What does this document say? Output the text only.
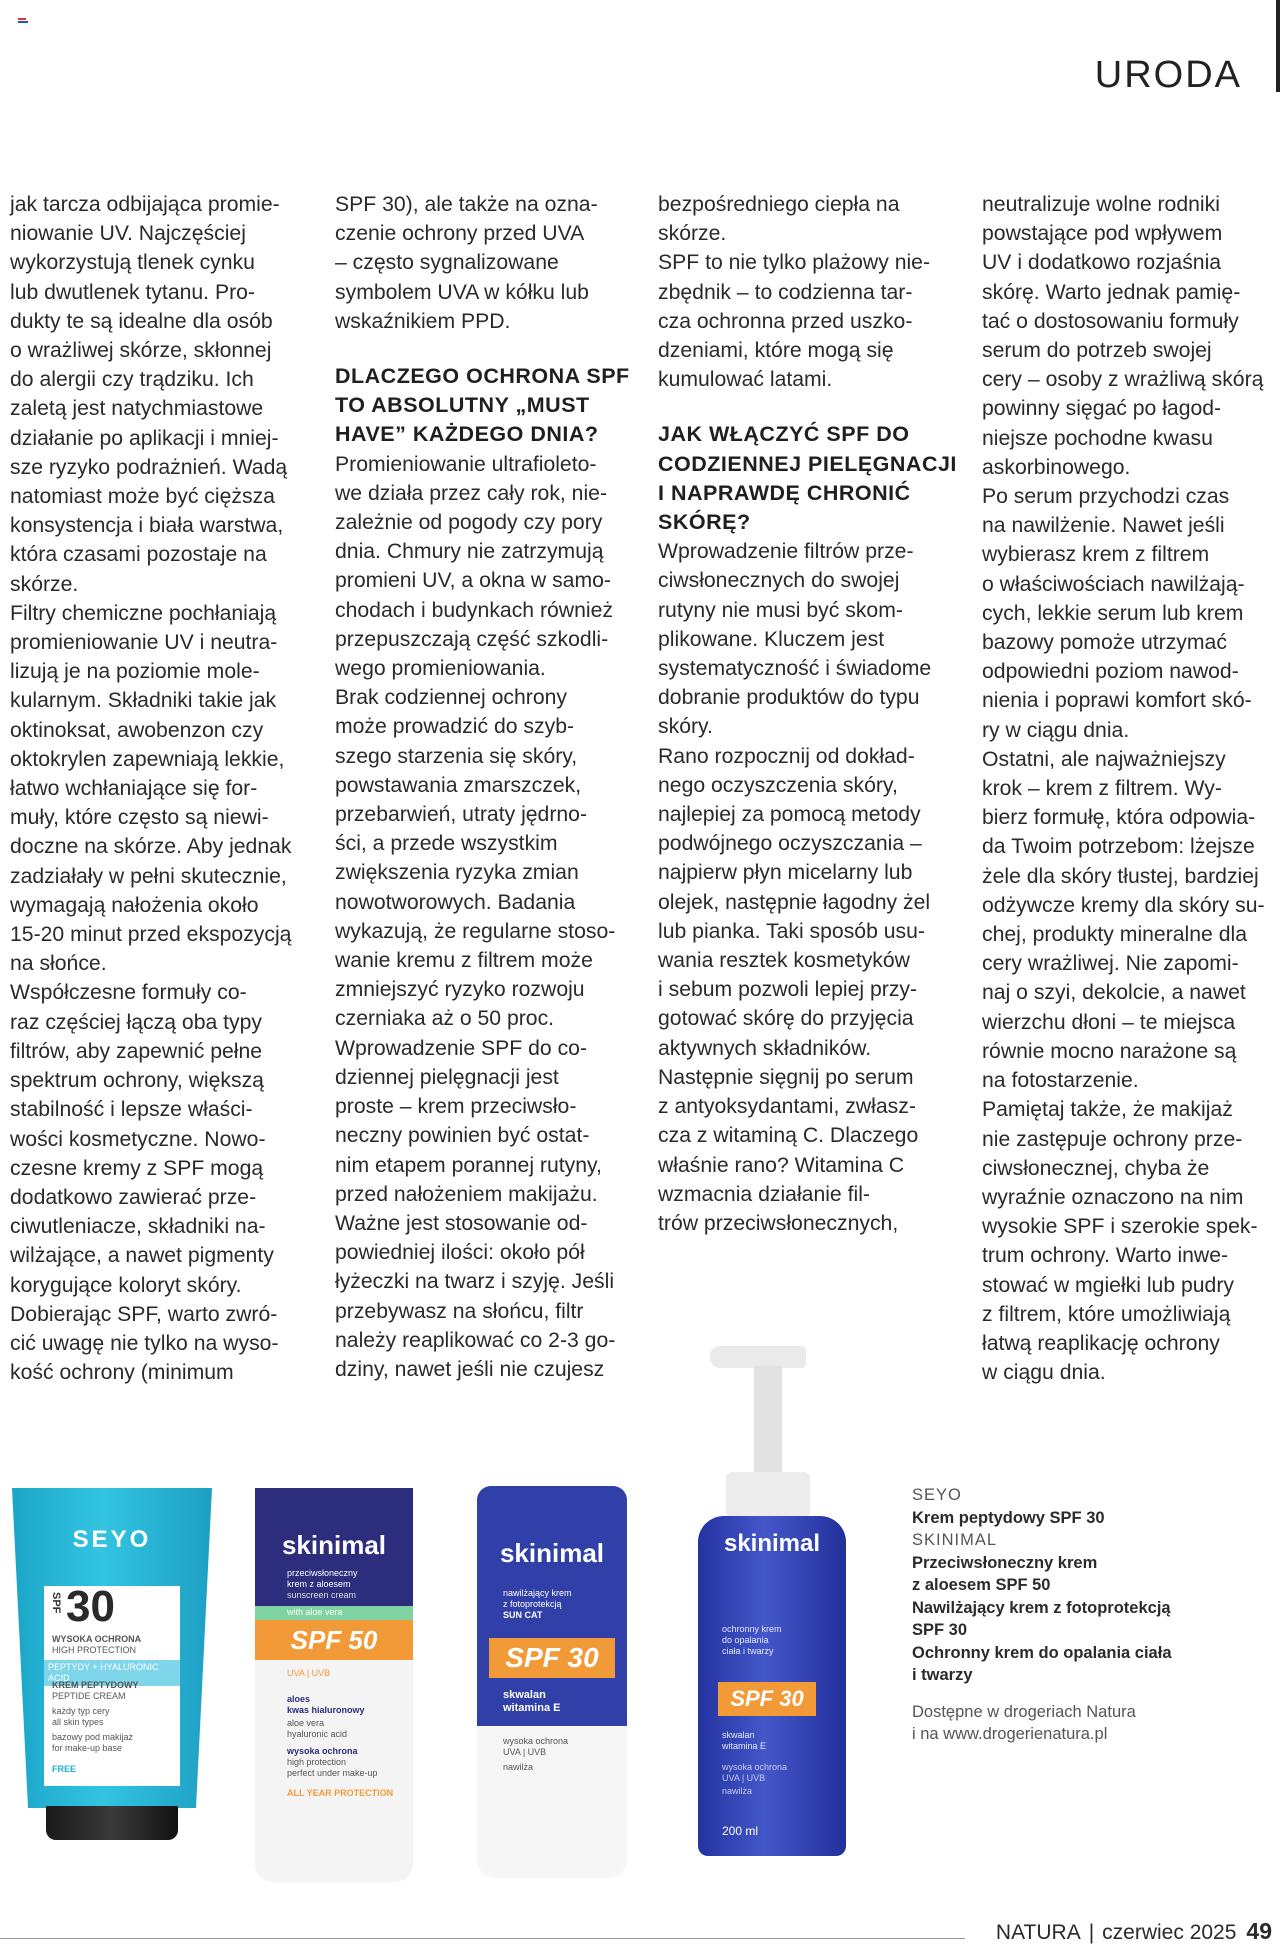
URODA

jak tarcza odbijająca promie-
niowanie UV. Najczęściej
wykorzystują tlenek cynku
lub dwutlenek tytanu. Pro-
dukty te są idealne dla osób
o wrażliwej skórze, skłonnej
do alergii czy trądziku. Ich
zaletą jest natychmiastowe
działanie po aplikacji i mniej-
sze ryzyko podrażnień. Wadą
natomiast może być cięższa
konsystencja i biała warstwa,
która czasami pozostaje na
skórze.

Filtry chemiczne pochłaniają
promieniowanie UV i neutra-
lizują je na poziomie mole-
kularnym. Składniki takie jak
oktinoksat, awobenzon czy
oktokrylen zapewniają lekkie,
łatwo wchłaniające się for-
muły, które często są niewi-
doczne na skórze. Aby jednak
zadziałały w pełni skutecznie,
wymagają nałożenia około
15-20 minut przed ekspozycją
na słońce.

Współczesne formuły co-
raz częściej łączą oba typy
filtrów, aby zapewnić pełne
spektrum ochrony, większą
stabilność i lepsze właści-
wości kosmetyczne. Nowo-
czesne kremy z SPF mogą
dodatkowo zawierać prze-
ciwutleniacze, składniki na-
wilżające, a nawet pigmenty
korygujące koloryt skóry.

Dobierając SPF, warto zwró-
cić uwagę nie tylko na wyso-
kość ochrony (minimum

SPF 30), ale także na ozna-
czenie ochrony przed UVA
– często sygnalizowane
symbolem UVA w kółku lub
wskaźnikiem PPD.

DLACZEGO OCHRONA SPF
TO ABSOLUTNY „MUST
HAVE” KAŻDEGO DNIA?

Promieniowanie ultrafioleto-
we działa przez cały rok, nie-
zależnie od pogody czy pory
dnia. Chmury nie zatrzymują
promieni UV, a okna w samo-
chodach i budynkach również
przepuszczają część szkodli-
wego promieniowania.

Brak codziennej ochrony
może prowadzić do szyb-
szego starzenia się skóry,
powstawania zmarszczek,
przebarwień, utraty jędrno-
ści, a przede wszystkim
zwiększenia ryzyka zmian
nowotworowych. Badania
wykazują, że regularne stoso-
wanie kremu z filtrem może
zmniejszyć ryzyko rozwoju
czerniaka aż o 50 proc.

Wprowadzenie SPF do co-
dziennej pielęgnacji jest
proste – krem przeciwsło-
neczny powinien być ostat-
nim etapem porannej rutyny,
przed nałożeniem makijażu.
Ważne jest stosowanie od-
powiedniej ilości: około pół
łyżeczki na twarz i szyję. Jeśli
przebywasz na słońcu, filtr
należy reaplikować co 2-3 go-
dziny, nawet jeśli nie czujesz

bezpośredniego ciepła na
skórze.

SPF to nie tylko plażowy nie-
zbędnik – to codzienna tar-
cza ochronna przed uszko-
dzeniami, które mogą się
kumulować latami.

JAK WŁĄCZYĆ SPF DO
CODZIENNEJ PIELĘGNACJI
I NAPRAWDĘ CHRONIĆ
SKÓRĘ?

Wprowadzenie filtrów prze-
ciwsłonecznych do swojej
rutyny nie musi być skom-
plikowane. Kluczem jest
systematyczność i świadome
dobranie produktów do typu
skóry.

Rano rozpocznij od dokład-
nego oczyszczenia skóry,
najlepiej za pomocą metody
podwójnego oczyszczania –
najpierw płyn micelarny lub
olejek, następnie łagodny żel
lub pianka. Taki sposób usu-
wania resztek kosmetyków
i sebum pozwoli lepiej przy-
gotować skórę do przyjęcia
aktywnych składników.

Następnie sięgnij po serum
z antyoksydantami, zwłasz-
cza z witaminą C. Dlaczego
właśnie rano? Witamina C
wzmacnia działanie fil-
trów przeciwsłonecznych,

neutralizuje wolne rodniki
powstające pod wpływem
UV i dodatkowo rozjaśnia
skórę. Warto jednak pamię-
tać o dostosowaniu formuły
serum do potrzeb swojej
cery – osoby z wrażliwą skórą
powinny sięgać po łagod-
niejsze pochodne kwasu
askorbinowego.

Po serum przychodzi czas
na nawilżenie. Nawet jeśli
wybierasz krem z filtrem
o właściwościach nawilżają-
cych, lekkie serum lub krem
bazowy pomoże utrzymać
odpowiedni poziom nawod-
nienia i poprawi komfort skó-
ry w ciągu dnia.

Ostatni, ale najważniejszy
krok – krem z filtrem. Wy-
bierz formułę, która odpowia-
da Twoim potrzebom: lżejsze
żele dla skóry tłustej, bardziej
odżywcze kremy dla skóry su-
chej, produkty mineralne dla
cery wrażliwej. Nie zapomi-
naj o szyi, dekolcie, a nawet
wierzchu dłoni – te miejsca
równie mocno narażone są
na fotostarzenie.

Pamiętaj także, że makijaż
nie zastępuje ochrony prze-
ciwsłonecznej, chyba że
wyraźnie oznaczono na nim
wysokie SPF i szerokie spek-
trum ochrony. Warto inwe-
stować w mgiełki lub pudry
z filtrem, które umożliwiają
łatwą reaplikację ochrony
w ciągu dnia.

SEYO
SPF 30
WYSOKA OCHRONA
HIGH PROTECTION
PEPTYDY + HYALURONIC ACID
KREM PEPTYDOWY
PEPTIDE CREAM
każdy typ cery
all skin types
bazowy pod makijaż
for make-up base
FREE
skinimal
przeciwsłoneczny
krem z aloesem
sunscreen cream
with aloe vera
SPF 50
UVA | UVB
aloes
kwas hialuronowy
aloe vera
hyaluronic acid
wysoka ochrona
high protection
perfect under make-up
ALL YEAR PROTECTION
skinimal
nawilżający krem
z fotoprotekcją
SUN CAT
SPF 30
skwalan
witamina E
wysoka ochrona
UVA | UVB
nawilża
skinimal
ochronny krem
do opalania
ciała i twarzy
SPF 30
skwalan
witamina E
wysoka ochrona
UVA | UVB
nawilża
200 ml
SEYO
Krem peptydowy SPF 30
SKINIMAL
Przeciwsłoneczny krem
z aloesem SPF 50
Nawilżający krem z fotoprotekcją
SPF 30
Ochronny krem do opalania ciała
i twarzy
Dostępne w drogeriach Natura
i na www.drogerienatura.pl
NATURA | czerwiec 2025 49
